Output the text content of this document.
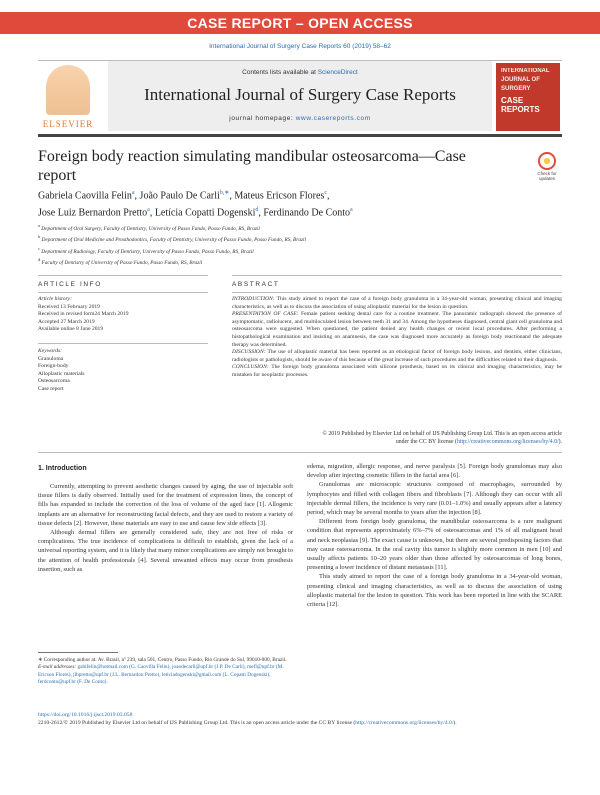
CASE REPORT – OPEN ACCESS
International Journal of Surgery Case Reports 60 (2019) 58–62
ELSEVIER
Contents lists available at ScienceDirect
International Journal of Surgery Case Reports
journal homepage: www.casereports.com
INTERNATIONAL JOURNAL OF SURGERY
CASE REPORTS
Foreign body reaction simulating mandibular osteosarcoma—Case report	Check for updates
Gabriela Caovilla Felin$^a$, João Paulo De Carli$^{b,∗}$, Mateus Ericson Flores$^c$,
Jose Luiz Bernardon Pretto$^a$, Letícia Copatti Dogenski$^d$, Ferdinando De Conto$^a$
$^a$ Department of Oral Surgery, Faculty of Dentistry, University of Passo Fundo, Passo Fundo, RS, Brazil
$^b$ Department of Oral Medicine and Prosthodontics, Faculty of Dentistry, University of Passo Fundo, Passo Fundo, RS, Brazil
$^c$ Department of Radiology, Faculty of Dentistry, University of Passo Fundo, Passo Fundo, RS, Brazil
$^d$ Faculty of Dentistry of University of Passo Fundo, Passo Fundo, RS, Brazil
ARTICLE INFO	ABSTRACT
Article history:
Received 13 February 2019
Received in revised form24 March 2019
Accepted 27 March 2019
Available online 8 June 2019
Keywords:
Granuloma
Foreign-body
Alloplastic materials
Osteosarcoma
Case report

INTRODUCTION: This study aimed to report the case of a foreign body granuloma in a 34-year-old woman, presenting clinical and imaging characteristics, as well as to discuss the association of using alloplastic material for the lesion in question.

PRESENTATION OF CASE: Female patient seeking dental care for a routine treatment. The panoramic radiograph showed the presence of asymptomatic, radiolucent, and multiloculated lesion between teeth 31 and 34. Among the hypotheses diagnosed, central giant cell granuloma and osteosarcoma were suggested. When questioned, the patient denied any health changes or recent local procedures. After performing a histopathological examination and insisting on anamnesis, the case was diagnosed more accurately as foreign body reactionand the adequate therapy was determined.

DISCUSSION: The use of alloplastic material has been reported as an etiological factor of foreign body lesions, and dentists, either clinicians, radiologists or pathologists, should be aware of this because of the great increase of such procedures and the difficulties related to their diagnosis.

CONCLUSION: The foreign body granuloma associated with silicone prosthesis, based on its clinical and imaging characteristics, may be mistaken for neoplastic processes.

© 2019 Published by Elsevier Ltd on behalf of IJS Publishing Group Ltd. This is an open access article
under the CC BY license (http://creativecommons.org/licenses/by/4.0/).
1. Introduction

Currently, attempting to prevent aesthetic changes caused by aging, the use of injectable soft tissue fillers is daily observed. Initially used for the treatment of expression lines, the concept of fills has expanded to include the correction of the loss of volume of the aged face [1]. Allogenic implants are an alternative for reconstructing facial defects, and they are used to restore a variety of tissue defects [2]. However, these materials are easy to use and cause few side effects [3].

Although dermal fillers are generally considered safe, they are not free of risks or complications. The true incidence of complications is difficult to establish, given the lack of a universal reporting system, and it is likely that many minor complications are simply not brought to the attention of health professionals [4]. Several unwanted effects may occur from prosthesis insertion, such as

edema, migration, allergic response, and nerve paralysis [5]. Foreign body granulomas may also develop after injecting cosmetic fillers in the facial area [6].

Granulomas are microscopic structures composed of macrophages, surrounded by lymphocytes and filled with collagen fibers and fibroblasts [7]. Although they can occur with all injectable dermal fillers, the incidence is very rare (0.01–1.0%) and usually appears after a latency period, which may be several months to years after the injection [8].

Different from foreign body granuloma, the mandibular osteosarcoma is a rare malignant condition that represents approximately 6%–7% of osteosarcomas and 1% of all malignant head and neck neoplasias [9]. The exact cause is unknown, but there are several predisposing factors that may cause osteosarcoma. In the oral cavity this tumor is slightly more common in men [10] and usually affects patients 10–20 years older than those affected by osteosarcomas of long bones, presenting a lower incidence of distant metastasis [11].

This study aimed to report the case of a foreign body granuloma in a 34-year-old woman, presenting clinical and imaging characteristics, as well as to discuss the association of using alloplastic material for the lesion in question. This work has been reported in line with the SCARE criteria [12].

∗ Corresponding author at: Av. Brasil, nº 239, sala 501, Centro, Passo Fundo, Rio Grande do Sul, 99010-000, Brazil.
E-mail addresses: gabifelin@hotmail.com (G. Caovilla Felin), joaodecarli@upf.br (J.P. De Carli), mefl@upf.br (M. Ericson Flores), jlbpretto@upf.br (J.L. Bernardon Pretto), leticiadogenski@gmail.com (L. Copatti Dogenski), ferdconto@upf.br (F. De Conto).
https://doi.org/10.1016/j.ijscr.2019.03.058
2210-2612/© 2019 Published by Elsevier Ltd on behalf of IJS Publishing Group Ltd. This is an open access article under the CC BY license (http://creativecommons.org/licenses/by/4.0/).
